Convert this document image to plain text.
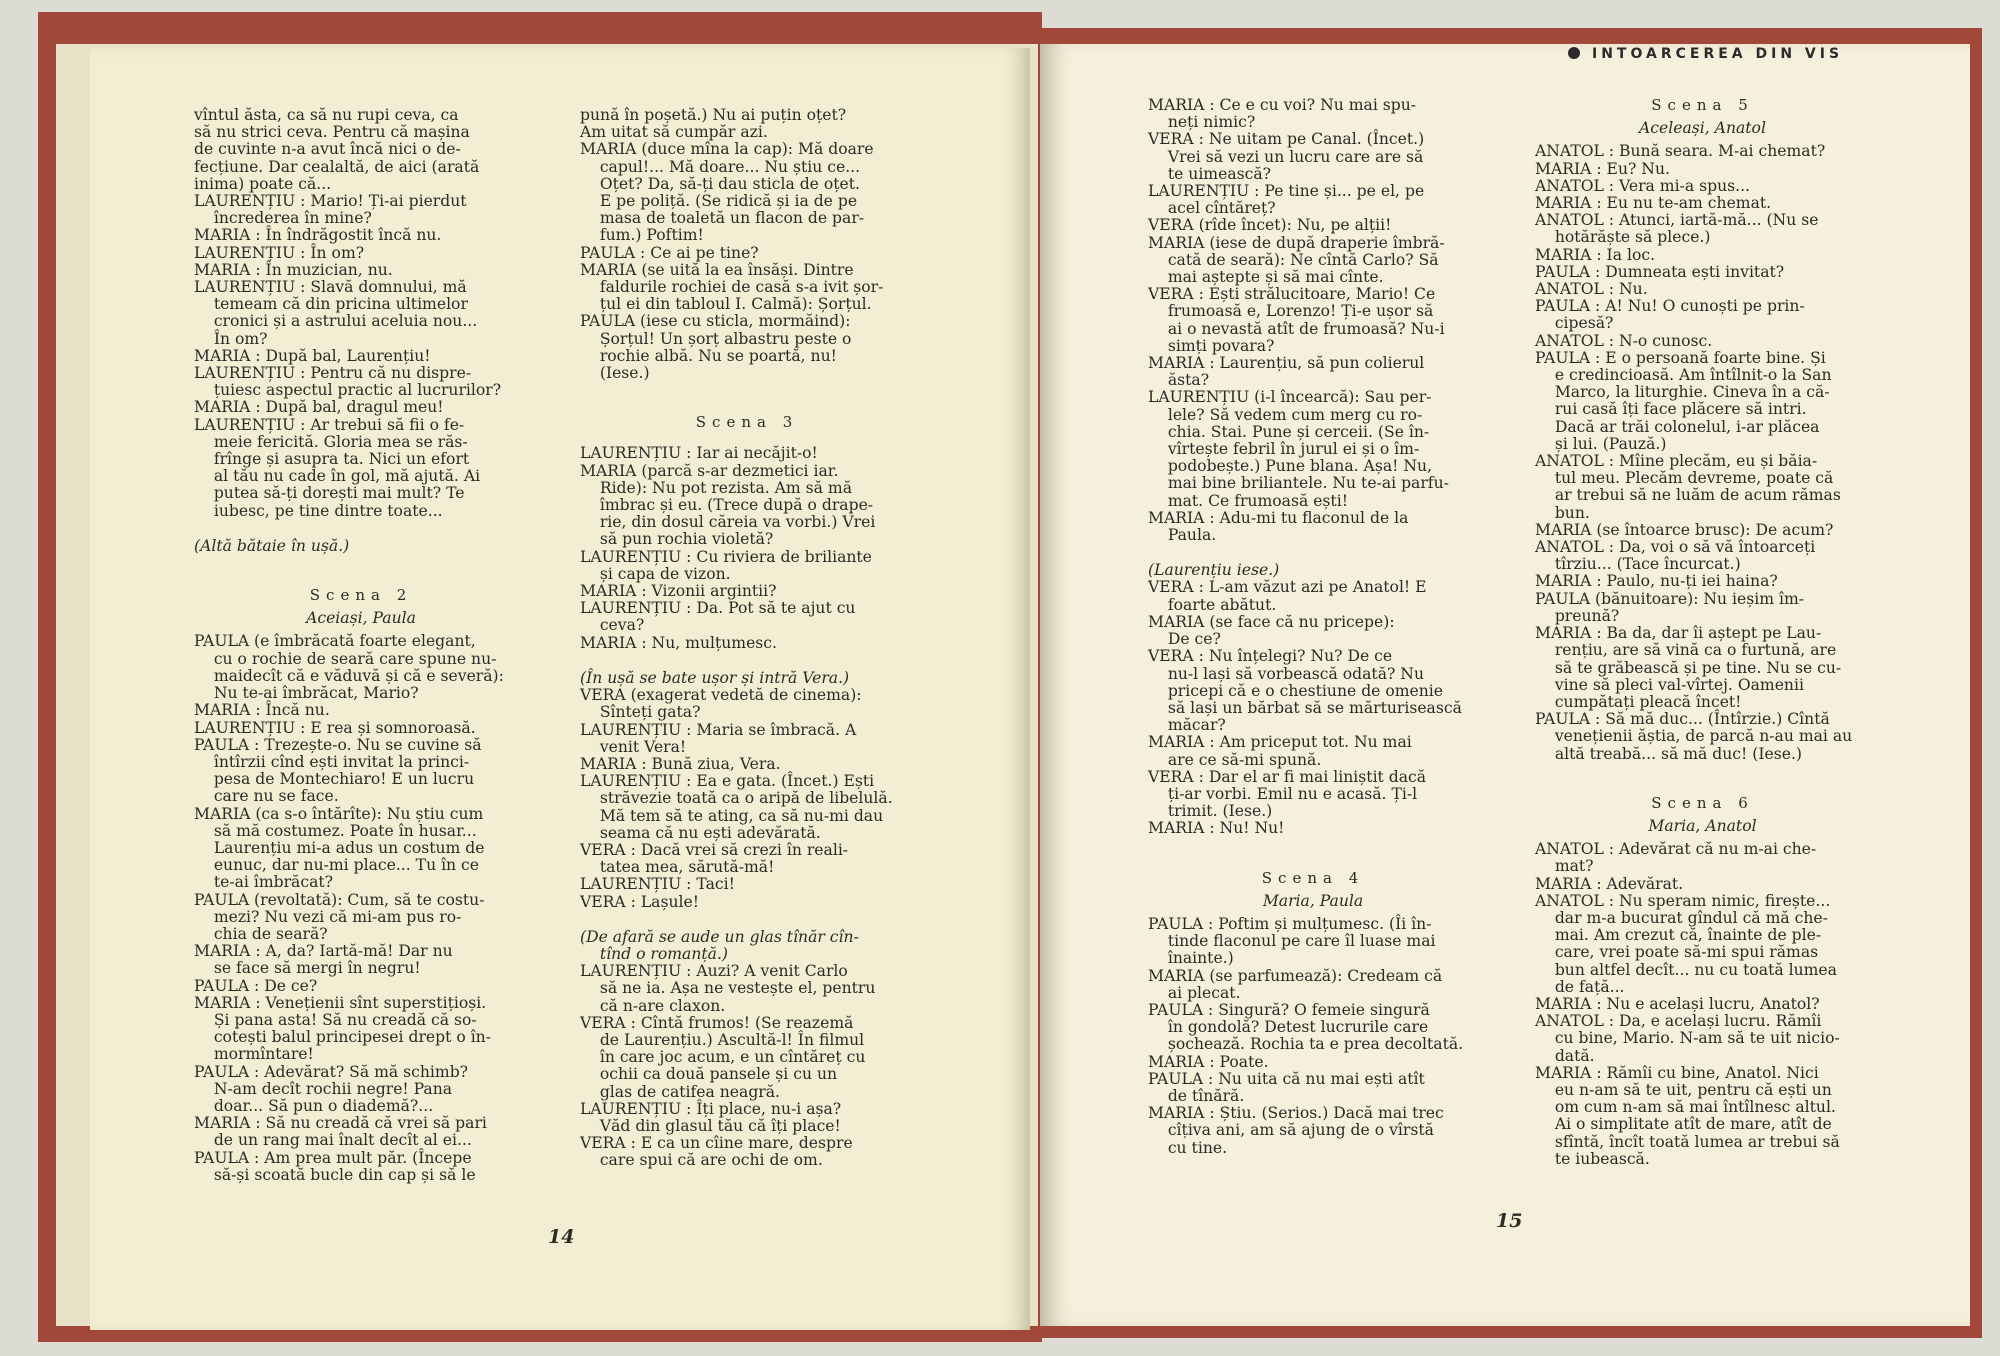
INTOARCEREA DIN VIS

vîntul ăsta, ca să nu rupi ceva, ca

să nu strici ceva. Pentru că mașina

de cuvinte n-a avut încă nici o de-

fecțiune. Dar cealaltă, de aici (arată

inima) poate că...

LAURENȚIU : Mario! Ți-ai pierdut

încrederea în mine?

MARIA : În îndrăgostit încă nu.

LAURENȚIU : În om?

MARIA : În muzician, nu.

LAURENȚIU : Slavă domnului, mă

temeam că din pricina ultimelor

cronici și a astrului aceluia nou...

În om?

MARIA : După bal, Laurențiu!

LAURENȚIU : Pentru că nu dispre-

țuiesc aspectul practic al lucrurilor?

MARIA : După bal, dragul meu!

LAURENȚIU : Ar trebui să fii o fe-

meie fericită. Gloria mea se răs-

frînge și asupra ta. Nici un efort

al tău nu cade în gol, mă ajută. Ai

putea să-ți dorești mai mult? Te

iubesc, pe tine dintre toate...

(Altă bătaie în ușă.)

Scena 2

Aceiași, Paula

PAULA (e îmbrăcată foarte elegant,

cu o rochie de seară care spune nu-

maidecît că e văduvă și că e severă):

Nu te-ai îmbrăcat, Mario?

MARIA : Încă nu.

LAURENȚIU : E rea și somnoroasă.

PAULA : Trezește-o. Nu se cuvine să

întîrzii cînd ești invitat la princi-

pesa de Montechiaro! E un lucru

care nu se face.

MARIA (ca s-o întărîte): Nu știu cum

să mă costumez. Poate în husar...

Laurențiu mi-a adus un costum de

eunuc, dar nu-mi place... Tu în ce

te-ai îmbrăcat?

PAULA (revoltată): Cum, să te costu-

mezi? Nu vezi că mi-am pus ro-

chia de seară?

MARIA : A, da? Iartă-mă! Dar nu

se face să mergi în negru!

PAULA : De ce?

MARIA : Venețienii sînt superstițioși.

Și pana asta! Să nu creadă că so-

cotești balul principesei drept o în-

mormîntare!

PAULA : Adevărat? Să mă schimb?

N-am decît rochii negre! Pana

doar... Să pun o diademă?...

MARIA : Să nu creadă că vrei să pari

de un rang mai înalt decît al ei...

PAULA : Am prea mult păr. (Începe

să-și scoată bucle din cap și să le

pună în poșetă.) Nu ai puțin oțet?

Am uitat să cumpăr azi.

MARIA (duce mîna la cap): Mă doare

capul!... Mă doare... Nu știu ce...

Oțet? Da, să-ți dau sticla de oțet.

E pe poliță. (Se ridică și ia de pe

masa de toaletă un flacon de par-

fum.) Poftim!

PAULA : Ce ai pe tine?

MARIA (se uită la ea însăși. Dintre

faldurile rochiei de casă s-a ivit șor-

țul ei din tabloul I. Calmă): Șorțul.

PAULA (iese cu sticla, mormăind):

Șorțul! Un șorț albastru peste o

rochie albă. Nu se poartă, nu!

(Iese.)

Scena 3

LAURENȚIU : Iar ai necăjit-o!

MARIA (parcă s-ar dezmetici iar.

Ride): Nu pot rezista. Am să mă

îmbrac și eu. (Trece după o drape-

rie, din dosul căreia va vorbi.) Vrei

să pun rochia violetă?

LAURENȚIU : Cu riviera de briliante

și capa de vizon.

MARIA : Vizonii argintii?

LAURENȚIU : Da. Pot să te ajut cu

ceva?

MARIA : Nu, mulțumesc.

(În ușă se bate ușor și intră Vera.)

VERA (exagerat vedetă de cinema):

Sînteți gata?

LAURENȚIU : Maria se îmbracă. A

venit Vera!

MARIA : Bună ziua, Vera.

LAURENȚIU : Ea e gata. (Încet.) Ești

străvezie toată ca o aripă de libelulă.

Mă tem să te ating, ca să nu-mi dau

seama că nu ești adevărată.

VERA : Dacă vrei să crezi în reali-

tatea mea, sărută-mă!

LAURENȚIU : Taci!

VERA : Lașule!

(De afară se aude un glas tînăr cîn-

tînd o romanță.)

LAURENȚIU : Auzi? A venit Carlo

să ne ia. Așa ne vestește el, pentru

că n-are claxon.

VERA : Cîntă frumos! (Se reazemă

de Laurențiu.) Ascultă-l! În filmul

în care joc acum, e un cîntăreț cu

ochii ca două pansele și cu un

glas de catifea neagră.

LAURENȚIU : Îți place, nu-i așa?

Văd din glasul tău că îți place!

VERA : E ca un cîine mare, despre

care spui că are ochi de om.

MARIA : Ce e cu voi? Nu mai spu-

neți nimic?

VERA : Ne uitam pe Canal. (Încet.)

Vrei să vezi un lucru care are să

te uimească?

LAURENȚIU : Pe tine și... pe el, pe

acel cîntăreț?

VERA (rîde încet): Nu, pe alții!

MARIA (iese de după draperie îmbră-

cată de seară): Ne cîntă Carlo? Să

mai aștepte și să mai cînte.

VERA : Ești strălucitoare, Mario! Ce

frumoasă e, Lorenzo! Ți-e ușor să

ai o nevastă atît de frumoasă? Nu-i

simți povara?

MARIA : Laurențiu, să pun colierul

ăsta?

LAURENȚIU (i-l încearcă): Sau per-

lele? Să vedem cum merg cu ro-

chia. Stai. Pune și cerceii. (Se în-

vîrtește febril în jurul ei și o îm-

podobește.) Pune blana. Așa! Nu,

mai bine briliantele. Nu te-ai parfu-

mat. Ce frumoasă ești!

MARIA : Adu-mi tu flaconul de la

Paula.

(Laurențiu iese.)

VERA : L-am văzut azi pe Anatol! E

foarte abătut.

MARIA (se face că nu pricepe):

De ce?

VERA : Nu înțelegi? Nu? De ce

nu-l lași să vorbească odată? Nu

pricepi că e o chestiune de omenie

să lași un bărbat să se mărturisească

măcar?

MARIA : Am priceput tot. Nu mai

are ce să-mi spună.

VERA : Dar el ar fi mai liniștit dacă

ți-ar vorbi. Emil nu e acasă. Ți-l

trimit. (Iese.)

MARIA : Nu! Nu!

Scena 4

Maria, Paula

PAULA : Poftim și mulțumesc. (Îi în-

tinde flaconul pe care îl luase mai

înainte.)

MARIA (se parfumează): Credeam că

ai plecat.

PAULA : Singură? O femeie singură

în gondolă? Detest lucrurile care

șochează. Rochia ta e prea decoltată.

MARIA : Poate.

PAULA : Nu uita că nu mai ești atît

de tînără.

MARIA : Știu. (Serios.) Dacă mai trec

cîțiva ani, am să ajung de o vîrstă

cu tine.

Scena 5

Aceleași, Anatol

ANATOL : Bună seara. M-ai chemat?

MARIA : Eu? Nu.

ANATOL : Vera mi-a spus...

MARIA : Eu nu te-am chemat.

ANATOL : Atunci, iartă-mă... (Nu se

hotărăște să plece.)

MARIA : Ia loc.

PAULA : Dumneata ești invitat?

ANATOL : Nu.

PAULA : A! Nu! O cunoști pe prin-

cipesă?

ANATOL : N-o cunosc.

PAULA : E o persoană foarte bine. Și

e credincioasă. Am întîlnit-o la San

Marco, la liturghie. Cineva în a că-

rui casă îți face plăcere să intri.

Dacă ar trăi colonelul, i-ar plăcea

și lui. (Pauză.)

ANATOL : Mîine plecăm, eu și băia-

tul meu. Plecăm devreme, poate că

ar trebui să ne luăm de acum rămas

bun.

MARIA (se întoarce brusc): De acum?

ANATOL : Da, voi o să vă întoarceți

tîrziu... (Tace încurcat.)

MARIA : Paulo, nu-ți iei haina?

PAULA (bănuitoare): Nu ieșim îm-

preună?

MARIA : Ba da, dar îi aștept pe Lau-

rențiu, are să vină ca o furtună, are

să te grăbească și pe tine. Nu se cu-

vine să pleci val-vîrtej. Oamenii

cumpătați pleacă încet!

PAULA : Să mă duc... (Întîrzie.) Cîntă

venețienii ăștia, de parcă n-au mai au

altă treabă... să mă duc! (Iese.)

Scena 6

Maria, Anatol

ANATOL : Adevărat că nu m-ai che-

mat?

MARIA : Adevărat.

ANATOL : Nu speram nimic, firește...

dar m-a bucurat gîndul că mă che-

mai. Am crezut că, înainte de ple-

care, vrei poate să-mi spui rămas

bun altfel decît... nu cu toată lumea

de față...

MARIA : Nu e același lucru, Anatol?

ANATOL : Da, e același lucru. Rămîi

cu bine, Mario. N-am să te uit nicio-

dată.

MARIA : Rămîi cu bine, Anatol. Nici

eu n-am să te uit, pentru că ești un

om cum n-am să mai întîlnesc altul.

Ai o simplitate atît de mare, atît de

sfîntă, încît toată lumea ar trebui să

te iubească.

14
15
